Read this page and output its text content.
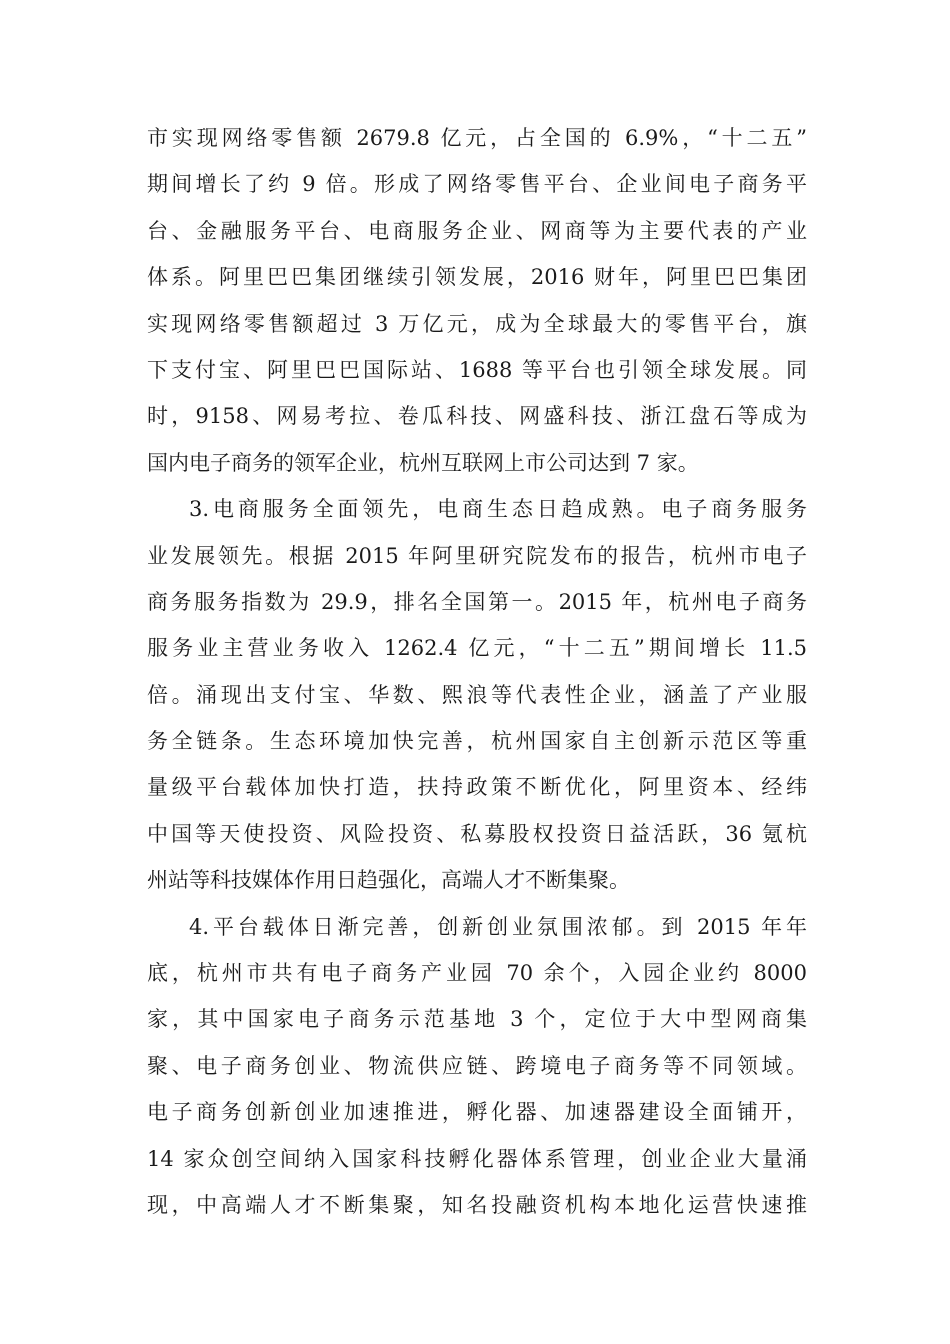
市实现网络零售额 2679.8 亿元，占全国的 6.9%，“十二五”
期间增长了约 9 倍。形成了网络零售平台、企业间电子商务平
台、金融服务平台、电商服务企业、网商等为主要代表的产业
体系。阿里巴巴集团继续引领发展，2016 财年，阿里巴巴集团
实现网络零售额超过 3 万亿元，成为全球最大的零售平台，旗
下支付宝、阿里巴巴国际站、1688 等平台也引领全球发展。同
时，9158、网易考拉、卷瓜科技、网盛科技、浙江盘石等成为
国内电子商务的领军企业，杭州互联网上市公司达到 7 家。
3.电商服务全面领先，电商生态日趋成熟。电子商务服务
业发展领先。根据 2015 年阿里研究院发布的报告，杭州市电子
商务服务指数为 29.9，排名全国第一。2015 年，杭州电子商务
服务业主营业务收入 1262.4 亿元，“十二五”期间增长 11.5
倍。涌现出支付宝、华数、熙浪等代表性企业，涵盖了产业服
务全链条。生态环境加快完善，杭州国家自主创新示范区等重
量级平台载体加快打造，扶持政策不断优化，阿里资本、经纬
中国等天使投资、风险投资、私募股权投资日益活跃，36 氪杭
州站等科技媒体作用日趋强化，高端人才不断集聚。
4.平台载体日渐完善，创新创业氛围浓郁。到 2015 年年
底，杭州市共有电子商务产业园 70 余个，入园企业约 8000
家，其中国家电子商务示范基地 3 个，定位于大中型网商集
聚、电子商务创业、物流供应链、跨境电子商务等不同领域。
电子商务创新创业加速推进，孵化器、加速器建设全面铺开，
14 家众创空间纳入国家科技孵化器体系管理，创业企业大量涌
现，中高端人才不断集聚，知名投融资机构本地化运营快速推
